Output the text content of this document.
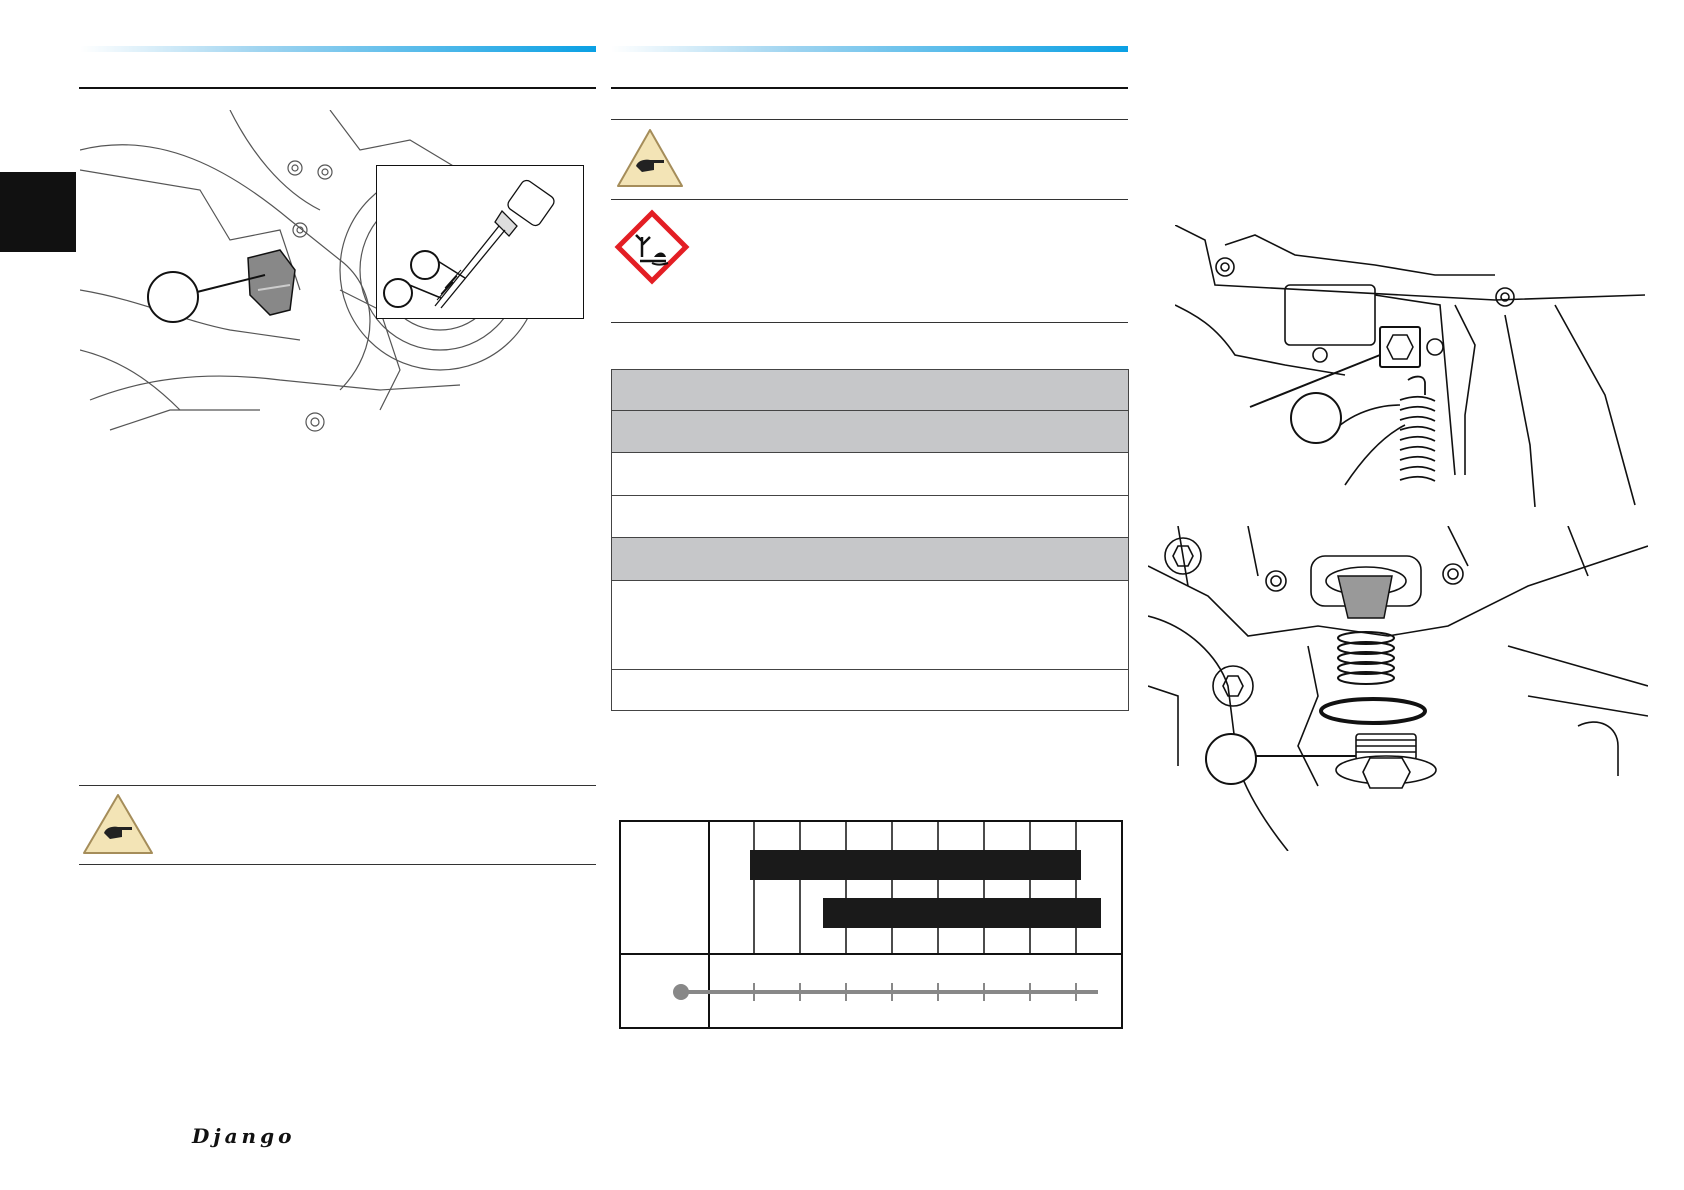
Django
